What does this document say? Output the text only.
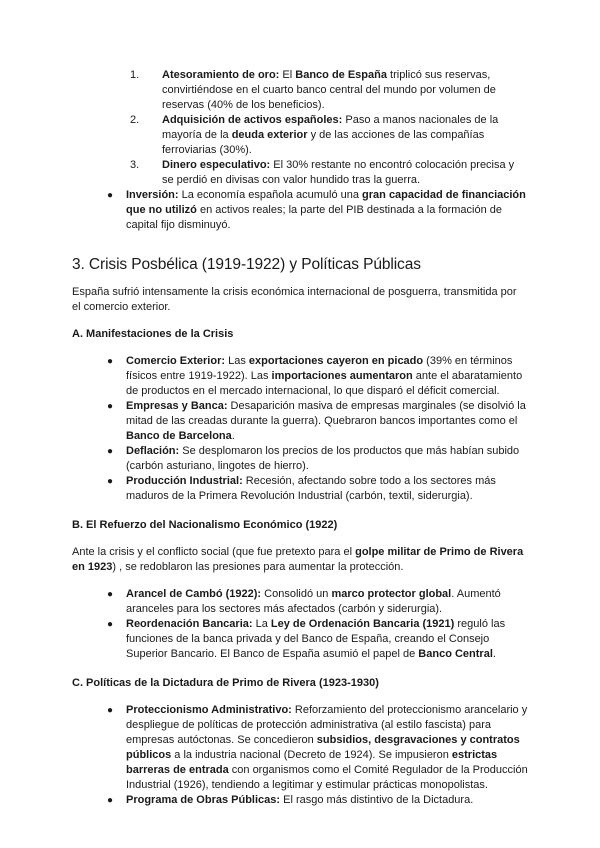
1. Atesoramiento de oro: El Banco de España triplicó sus reservas, convirtiéndose en el cuarto banco central del mundo por volumen de reservas (40% de los beneficios).
2. Adquisición de activos españoles: Paso a manos nacionales de la mayoría de la deuda exterior y de las acciones de las compañías ferroviarias (30%).
3. Dinero especulativo: El 30% restante no encontró colocación precisa y se perdió en divisas con valor hundido tras la guerra.
● Inversión: La economía española acumuló una gran capacidad de financiación que no utilizó en activos reales; la parte del PIB destinada a la formación de capital fijo disminuyó.
3. Crisis Posbélica (1919-1922) y Políticas Públicas

España sufrió intensamente la crisis económica internacional de posguerra, transmitida por el comercio exterior.

A. Manifestaciones de la Crisis
● Comercio Exterior: Las exportaciones cayeron en picado (39% en términos físicos entre 1919-1922). Las importaciones aumentaron ante el abaratamiento de productos en el mercado internacional, lo que disparó el déficit comercial.
● Empresas y Banca: Desaparición masiva de empresas marginales (se disolvió la mitad de las creadas durante la guerra). Quebraron bancos importantes como el Banco de Barcelona.
● Deflación: Se desplomaron los precios de los productos que más habían subido (carbón asturiano, lingotes de hierro).
● Producción Industrial: Recesión, afectando sobre todo a los sectores más maduros de la Primera Revolución Industrial (carbón, textil, siderurgia).
B. El Refuerzo del Nacionalismo Económico (1922)

Ante la crisis y el conflicto social (que fue pretexto para el golpe militar de Primo de Rivera en 1923) , se redoblaron las presiones para aumentar la protección.

● Arancel de Cambó (1922): Consolidó un marco protector global. Aumentó aranceles para los sectores más afectados (carbón y siderurgia).
● Reordenación Bancaria: La Ley de Ordenación Bancaria (1921) reguló las funciones de la banca privada y del Banco de España, creando el Consejo Superior Bancario. El Banco de España asumió el papel de Banco Central.
C. Políticas de la Dictadura de Primo de Rivera (1923-1930)
● Proteccionismo Administrativo: Reforzamiento del proteccionismo arancelario y despliegue de políticas de protección administrativa (al estilo fascista) para empresas autóctonas. Se concedieron subsidios, desgravaciones y contratos públicos a la industria nacional (Decreto de 1924). Se impusieron estrictas barreras de entrada con organismos como el Comité Regulador de la Producción Industrial (1926), tendiendo a legitimar y estimular prácticas monopolistas.
● Programa de Obras Públicas: El rasgo más distintivo de la Dictadura.
